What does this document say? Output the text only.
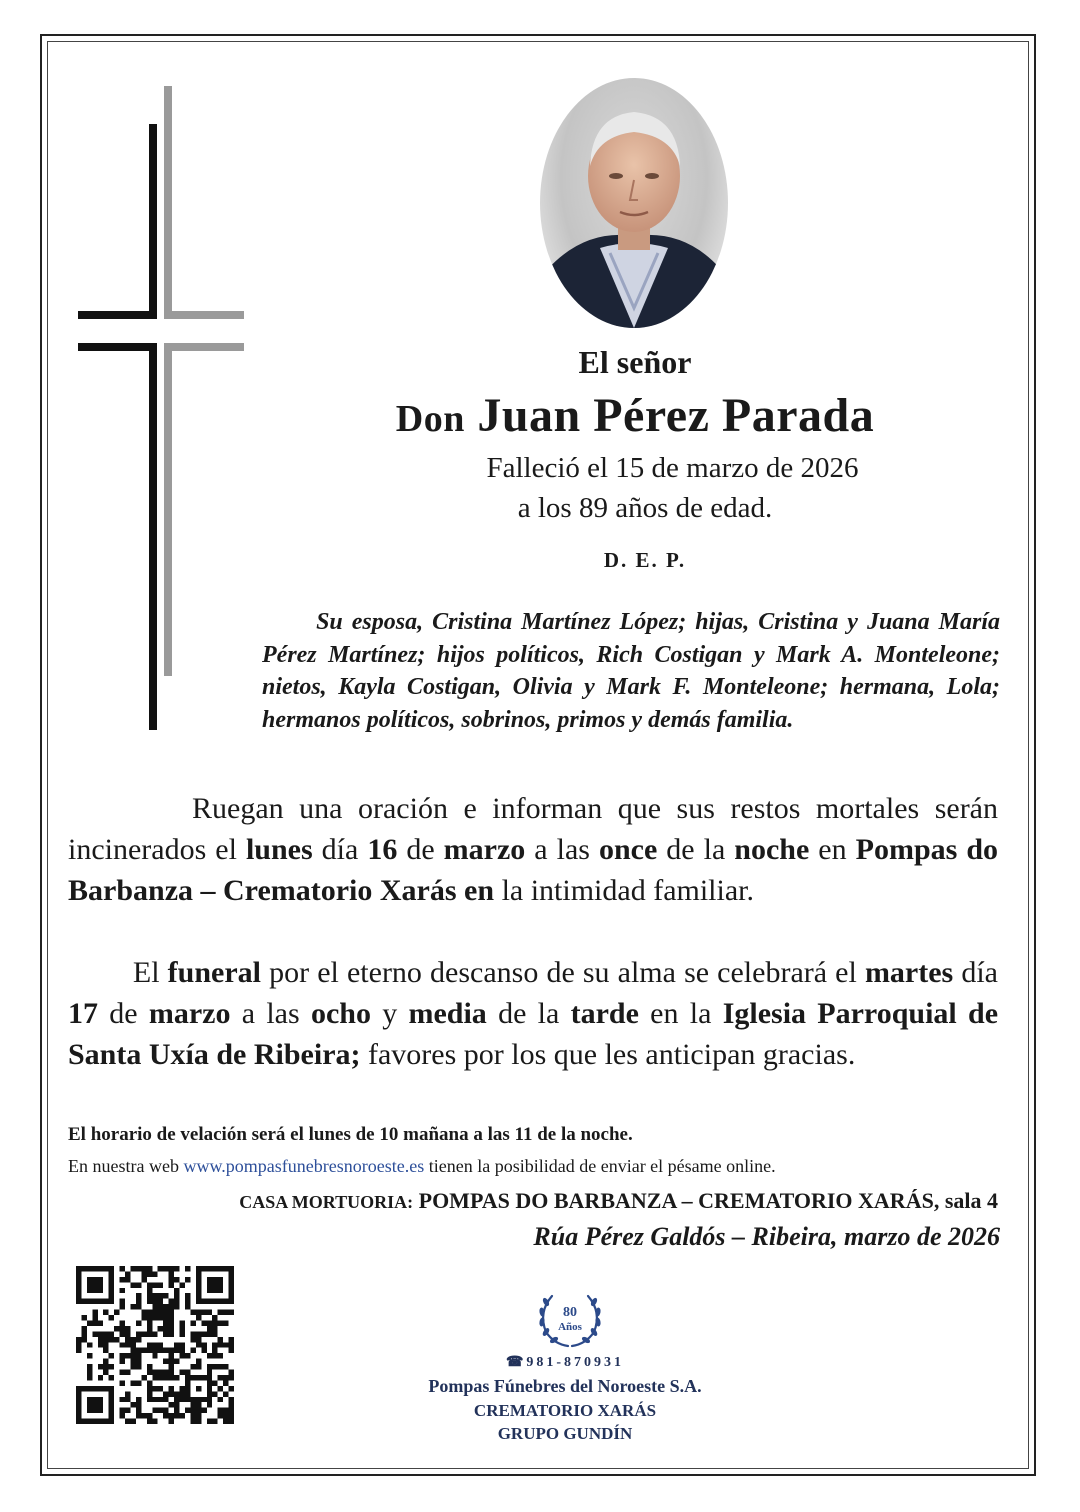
El señor
Don Juan Pérez Parada
Falleció el 15 de marzo de 2026
a los 89 años de edad.
D. E. P.

Su esposa, Cristina Martínez López; hijas, Cristina y Juana María Pérez Martínez; hijos políticos, Rich Costigan y Mark A. Monteleone; nietos, Kayla Costigan, Olivia y Mark F. Monteleone; hermana, Lola; hermanos políticos, sobrinos, primos y demás familia.

Ruegan una oración e informan que sus restos mortales serán incinerados el lunes día 16 de marzo a las once de la noche en Pompas do Barbanza – Crematorio Xarás en la intimidad familiar.

El funeral por el eterno descanso de su alma se celebrará el martes día 17 de marzo a las ocho y media de la tarde en la Iglesia Parroquial de Santa Uxía de Ribeira; favores por los que les anticipan gracias.

El horario de velación será el lunes de 10 mañana a las 11 de la noche.
En nuestra web www.pompasfunebresnoroeste.es tienen la posibilidad de enviar el pésame online.
CASA MORTUORIA: POMPAS DO BARBANZA – CREMATORIO XARÁS, sala 4
Rúa Pérez Galdós – Ribeira, marzo de 2026
80
Años
☎981-870931
Pompas Fúnebres del Noroeste S.A.
CREMATORIO XARÁS
GRUPO GUNDÍN
